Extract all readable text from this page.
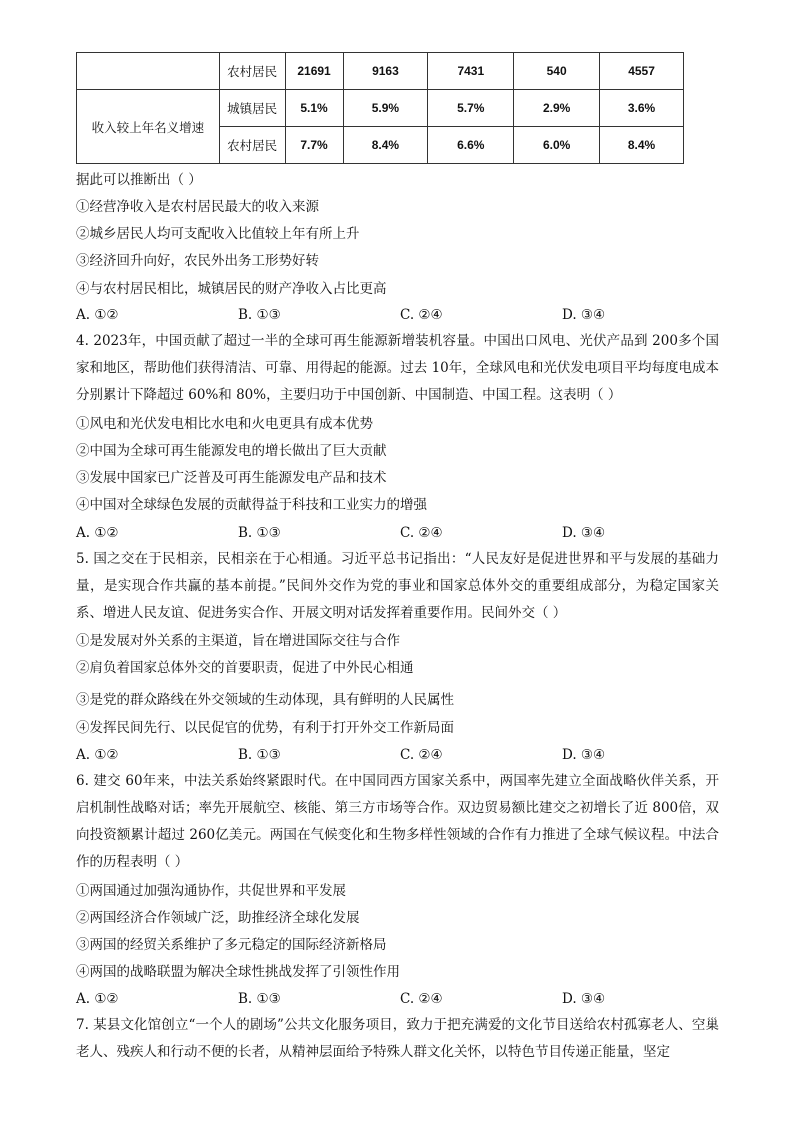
	农村居民	21691	9163	7431	540	4557
收入较上年名义增速	城镇居民	5.1%	5.9%	5.7%	2.9%	3.6%
	农村居民	7.7%	8.4%	6.6%	6.0%	8.4%
据此可以推断出（ ）
①经营净收入是农村居民最大的收入来源
②城乡居民人均可支配收入比值较上年有所上升
③经济回升向好，农民外出务工形势好转
④与农村居民相比，城镇居民的财产净收入占比更高
A. ①②	B. ①③	C. ②④	D. ③④
4. 2023年，中国贡献了超过一半的全球可再生能源新增装机容量。中国出口风电、光伏产品到 200多个国家和地区，帮助他们获得清洁、可靠、用得起的能源。过去 10年，全球风电和光伏发电项目平均每度电成本分别累计下降超过 60%和 80%，主要归功于中国创新、中国制造、中国工程。这表明（ ）
①风电和光伏发电相比水电和火电更具有成本优势
②中国为全球可再生能源发电的增长做出了巨大贡献
③发展中国家已广泛普及可再生能源发电产品和技术
④中国对全球绿色发展的贡献得益于科技和工业实力的增强
A. ①②	B. ①③	C. ②④	D. ③④
5. 国之交在于民相亲，民相亲在于心相通。习近平总书记指出：“人民友好是促进世界和平与发展的基础力量，是实现合作共赢的基本前提。”民间外交作为党的事业和国家总体外交的重要组成部分，为稳定国家关系、增进人民友谊、促进务实合作、开展文明对话发挥着重要作用。民间外交（ ）
①是发展对外关系的主渠道，旨在增进国际交往与合作
②肩负着国家总体外交的首要职责，促进了中外民心相通
③是党的群众路线在外交领域的生动体现，具有鲜明的人民属性
④发挥民间先行、以民促官的优势，有利于打开外交工作新局面
A. ①②	B. ①③	C. ②④	D. ③④
6. 建交 60年来，中法关系始终紧跟时代。在中国同西方国家关系中，两国率先建立全面战略伙伴关系，开启机制性战略对话；率先开展航空、核能、第三方市场等合作。双边贸易额比建交之初增长了近 800倍，双向投资额累计超过 260亿美元。两国在气候变化和生物多样性领域的合作有力推进了全球气候议程。中法合作的历程表明（ ）
①两国通过加强沟通协作，共促世界和平发展
②两国经济合作领域广泛，助推经济全球化发展
③两国的经贸关系维护了多元稳定的国际经济新格局
④两国的战略联盟为解决全球性挑战发挥了引领性作用
A. ①②	B. ①③	C. ②④	D. ③④
7. 某县文化馆创立“一个人的剧场”公共文化服务项目，致力于把充满爱的文化节目送给农村孤寡老人、空巢老人、残疾人和行动不便的长者，从精神层面给予特殊人群文化关怀，以特色节目传递正能量，坚定
